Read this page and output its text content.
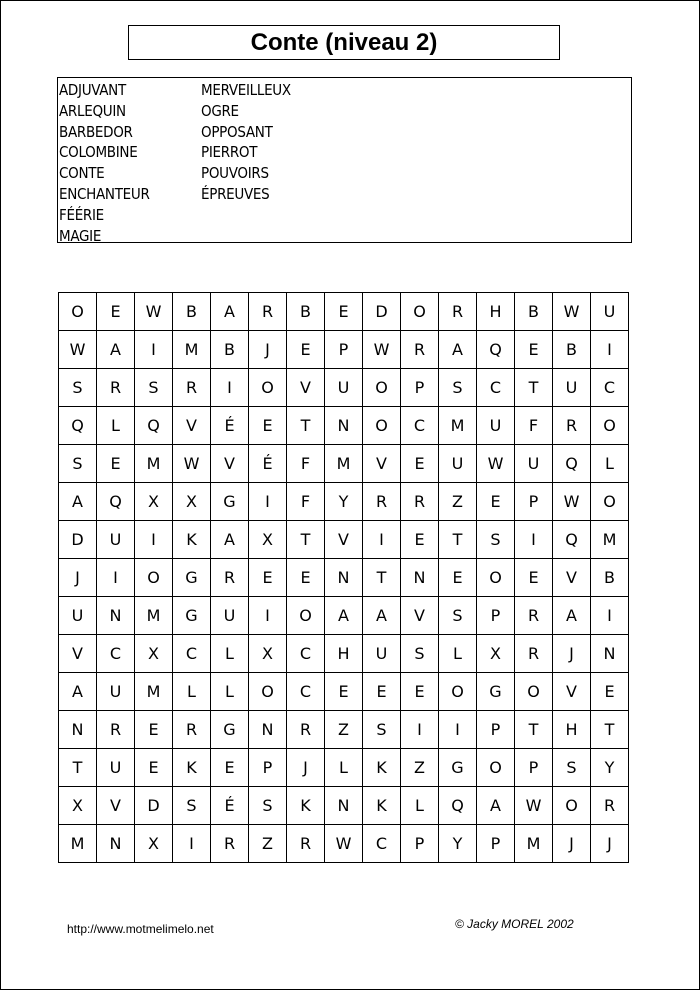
Conte (niveau 2)
ADJUVANT
ARLEQUIN
BARBEDOR
COLOMBINE
CONTE
ENCHANTEUR
FÉÉRIE
MAGIE
MERVEILLEUX
OGRE
OPPOSANT
PIERROT
POUVOIRS
ÉPREUVES
O	E	W	B	A	R	B	E	D	O	R	H	B	W	U
W	A	I	M	B	J	E	P	W	R	A	Q	E	B	I
S	R	S	R	I	O	V	U	O	P	S	C	T	U	C
Q	L	Q	V	É	E	T	N	O	C	M	U	F	R	O
S	E	M	W	V	É	F	M	V	E	U	W	U	Q	L
A	Q	X	X	G	I	F	Y	R	R	Z	E	P	W	O
D	U	I	K	A	X	T	V	I	E	T	S	I	Q	M
J	I	O	G	R	E	E	N	T	N	E	O	E	V	B
U	N	M	G	U	I	O	A	A	V	S	P	R	A	I
V	C	X	C	L	X	C	H	U	S	L	X	R	J	N
A	U	M	L	L	O	C	E	E	E	O	G	O	V	E
N	R	E	R	G	N	R	Z	S	I	I	P	T	H	T
T	U	E	K	E	P	J	L	K	Z	G	O	P	S	Y
X	V	D	S	É	S	K	N	K	L	Q	A	W	O	R
M	N	X	I	R	Z	R	W	C	P	Y	P	M	J	J
http://www.motmelimelo.net	© Jacky MOREL 2002
